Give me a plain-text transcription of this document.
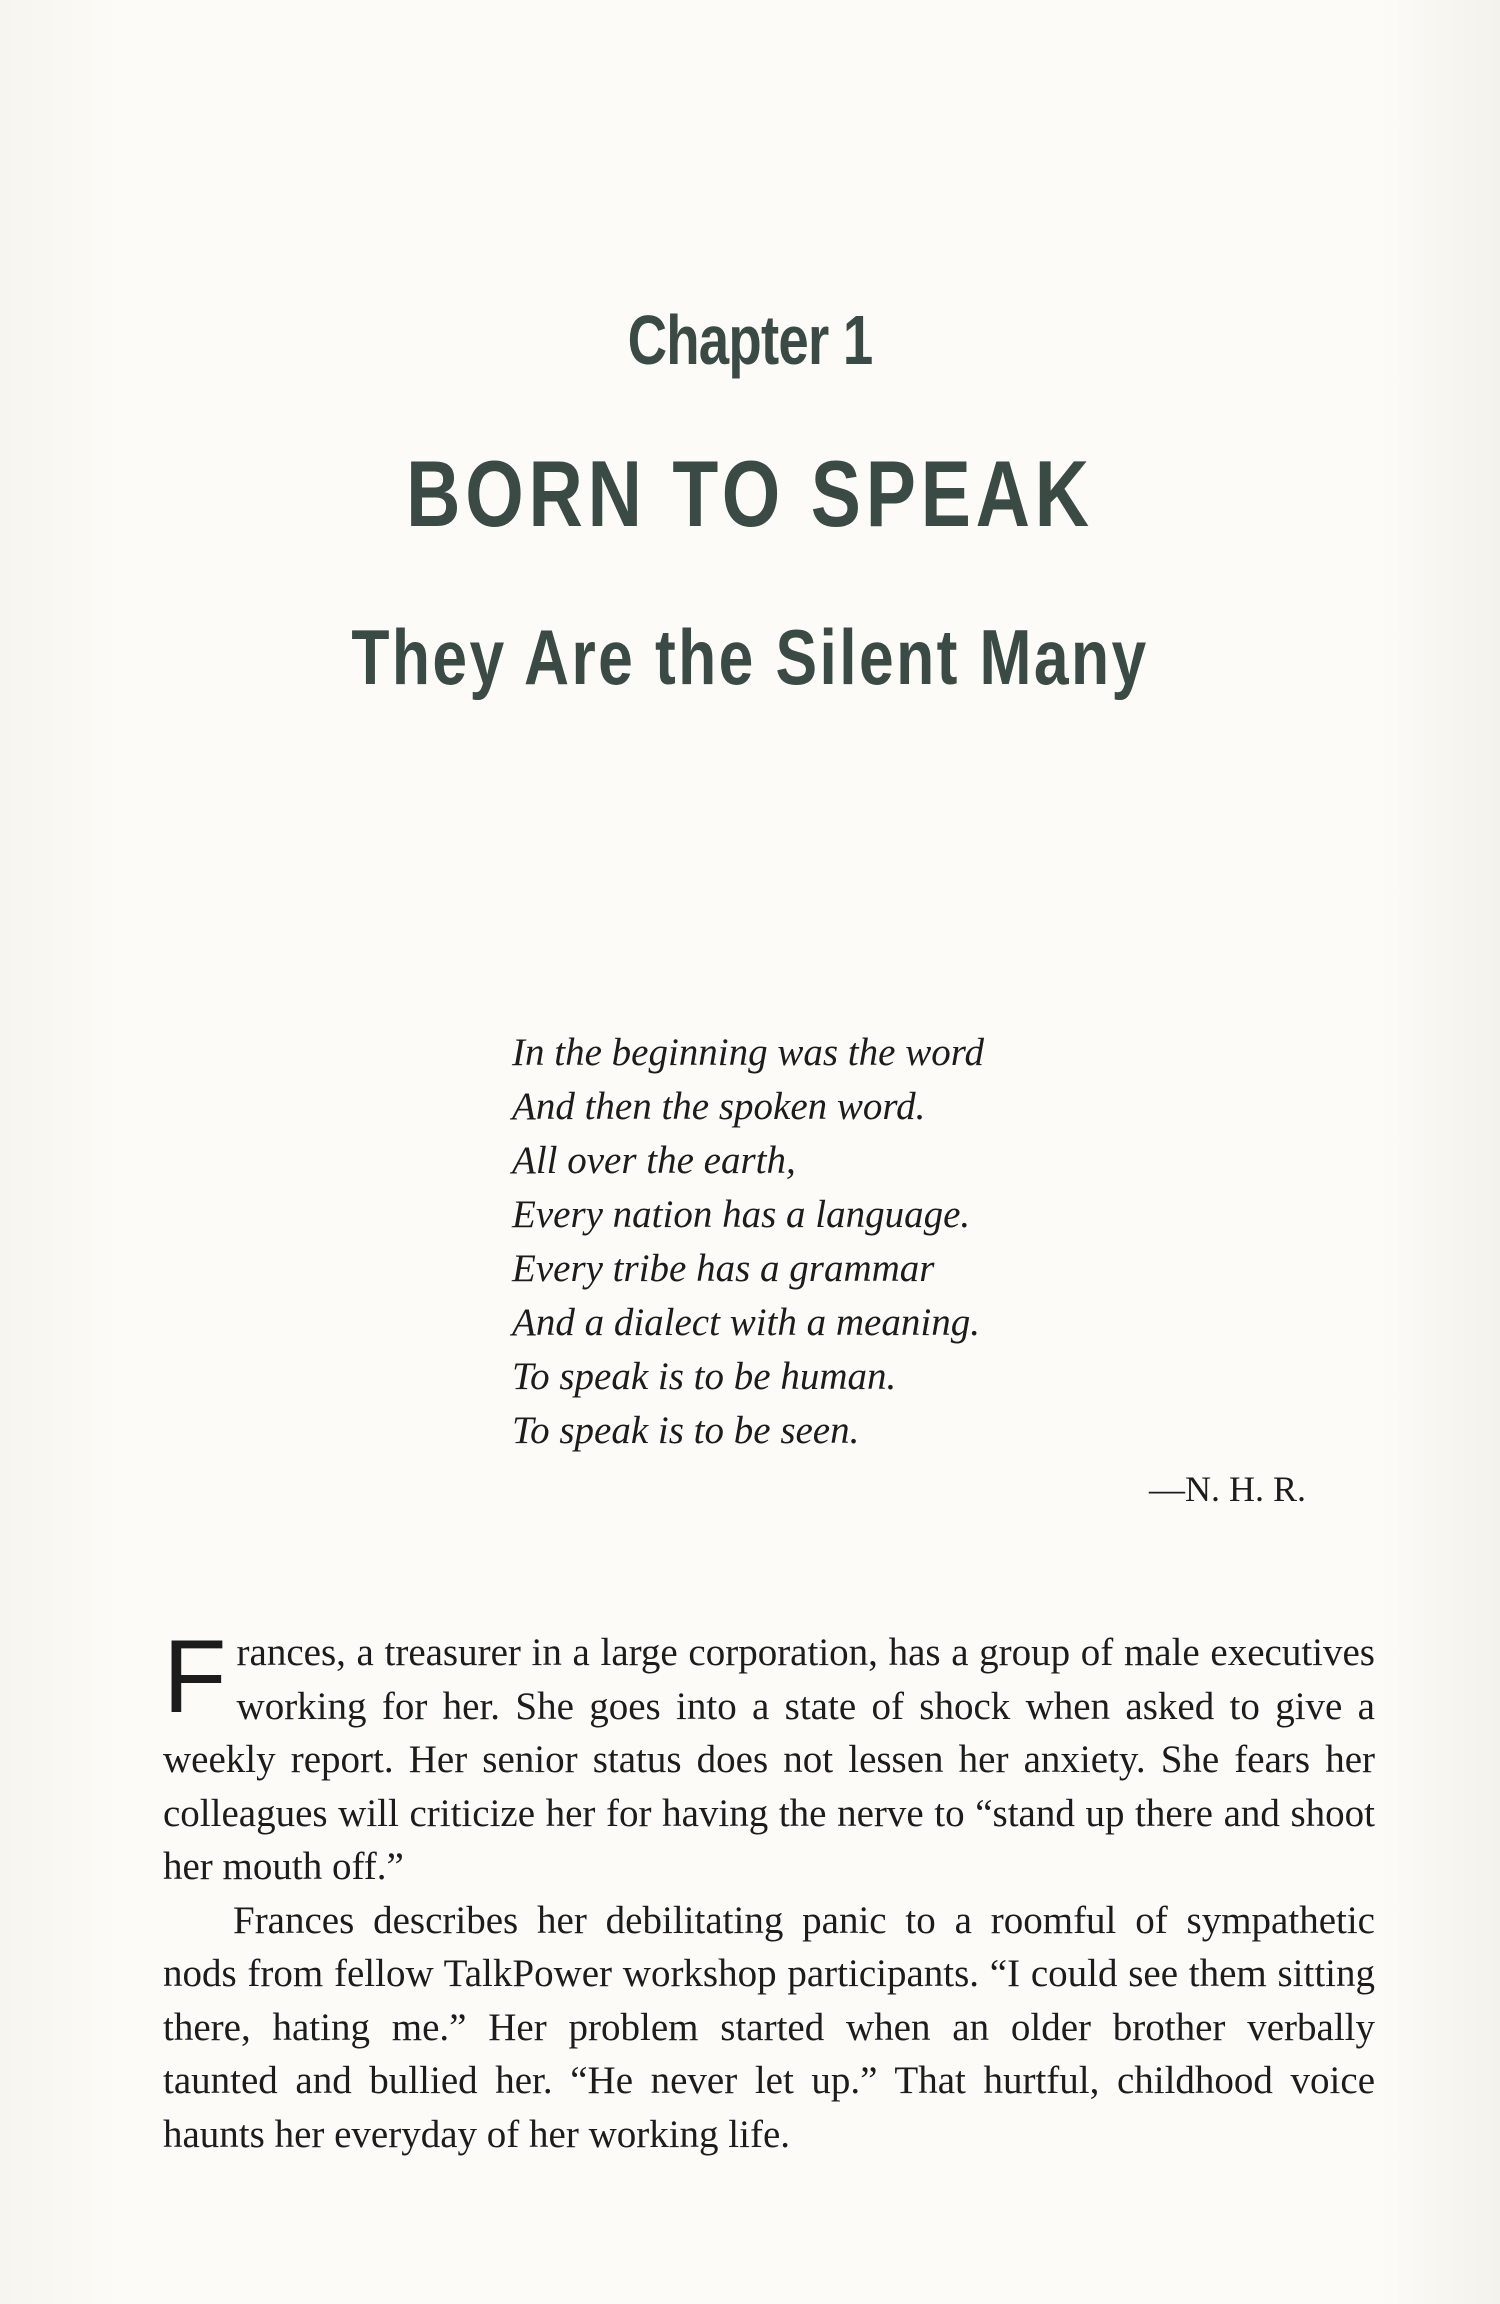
Chapter 1
BORN TO SPEAK
They Are the Silent Many
In the beginning was the word
And then the spoken word.
All over the earth,
Every nation has a language.
Every tribe has a grammar
And a dialect with a meaning.
To speak is to be human.
To speak is to be seen.
—N. H. R.

Frances, a treasurer in a large corporation, has a group of male executives working for her. She goes into a state of shock when asked to give a weekly report. Her senior status does not lessen her anxiety. She fears her colleagues will criticize her for having the nerve to “stand up there and shoot her mouth off.”

Frances describes her debilitating panic to a roomful of sympathetic nods from fellow TalkPower workshop participants. “I could see them sitting there, hating me.” Her problem started when an older brother verbally taunted and bullied her. “He never let up.” That hurtful, childhood voice haunts her everyday of her working life.
